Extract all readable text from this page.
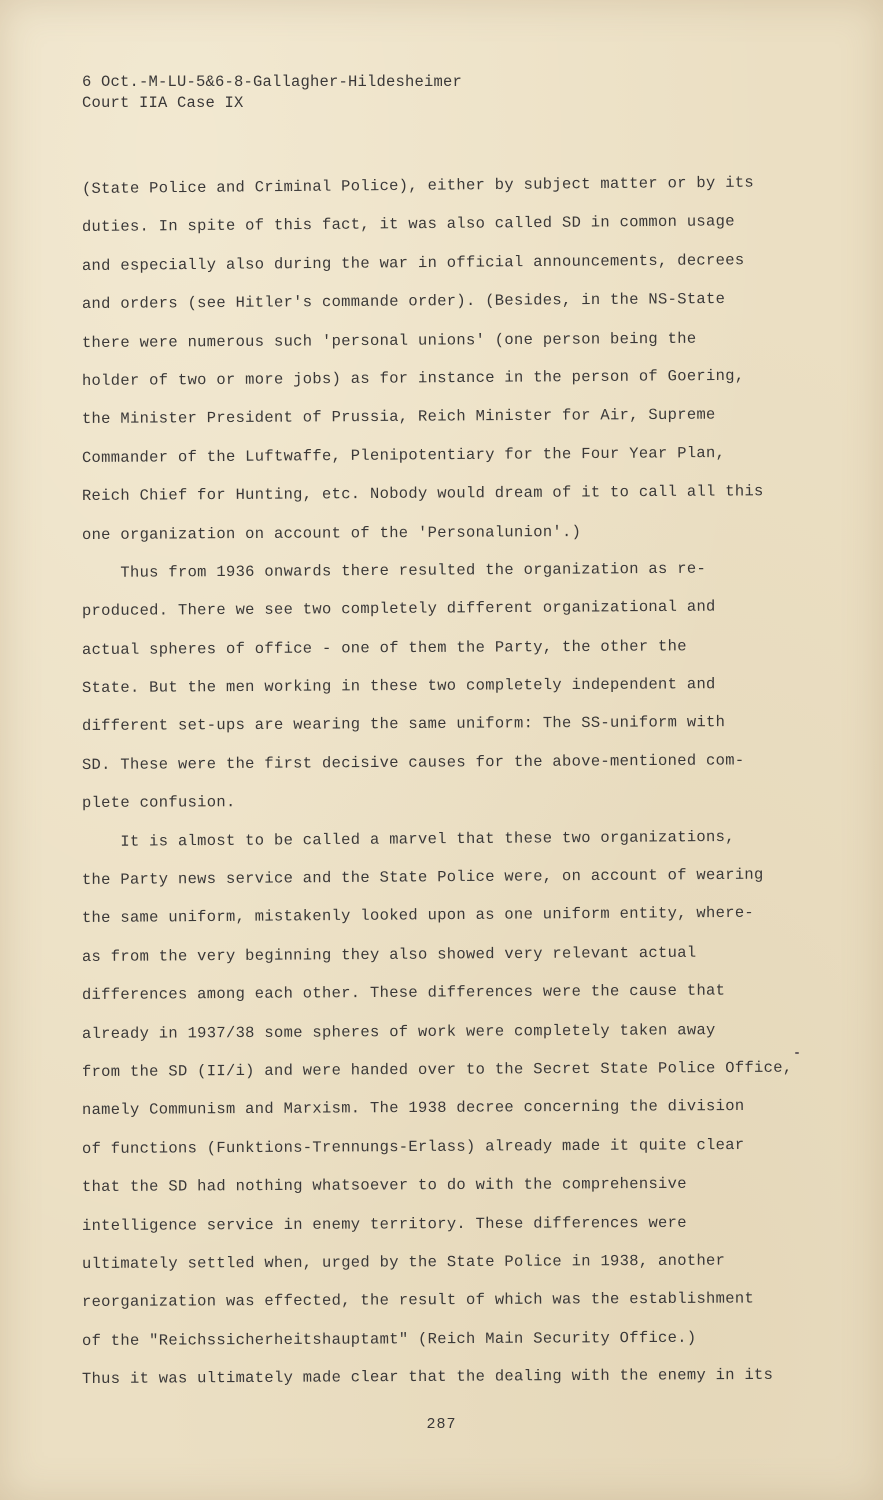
6 Oct.-M-LU-5&6-8-Gallagher-Hildesheimer
Court IIA Case IX
(State Police and Criminal Police), either by subject matter or by its
duties. In spite of this fact, it was also called SD in common usage
and especially also during the war in official announcements, decrees
and orders (see Hitler's commande order). (Besides, in the NS-State
there were numerous such 'personal unions' (one person being the
holder of two or more jobs) as for instance in the person of Goering,
the Minister President of Prussia, Reich Minister for Air, Supreme
Commander of the Luftwaffe, Plenipotentiary for the Four Year Plan,
Reich Chief for Hunting, etc. Nobody would dream of it to call all this
one organization on account of the 'Personalunion'.)
Thus from 1936 onwards there resulted the organization as re-
produced. There we see two completely different organizational and
actual spheres of office - one of them the Party, the other the
State. But the men working in these two completely independent and
different set-ups are wearing the same uniform: The SS-uniform with
SD. These were the first decisive causes for the above-mentioned com-
plete confusion.
It is almost to be called a marvel that these two organizations,
the Party news service and the State Police were, on account of wearing
the same uniform, mistakenly looked upon as one uniform entity, where-
as from the very beginning they also showed very relevant actual
differences among each other. These differences were the cause that
already in 1937/38 some spheres of work were completely taken away
from the SD (II/i) and were handed over to the Secret State Police Office,
namely Communism and Marxism. The 1938 decree concerning the division
of functions (Funktions-Trennungs-Erlass) already made it quite clear
that the SD had nothing whatsoever to do with the comprehensive
intelligence service in enemy territory. These differences were
ultimately settled when, urged by the State Police in 1938, another
reorganization was effected, the result of which was the establishment
of the "Reichssicherheitshauptamt" (Reich Main Security Office.)
Thus it was ultimately made clear that the dealing with the enemy in its
287
